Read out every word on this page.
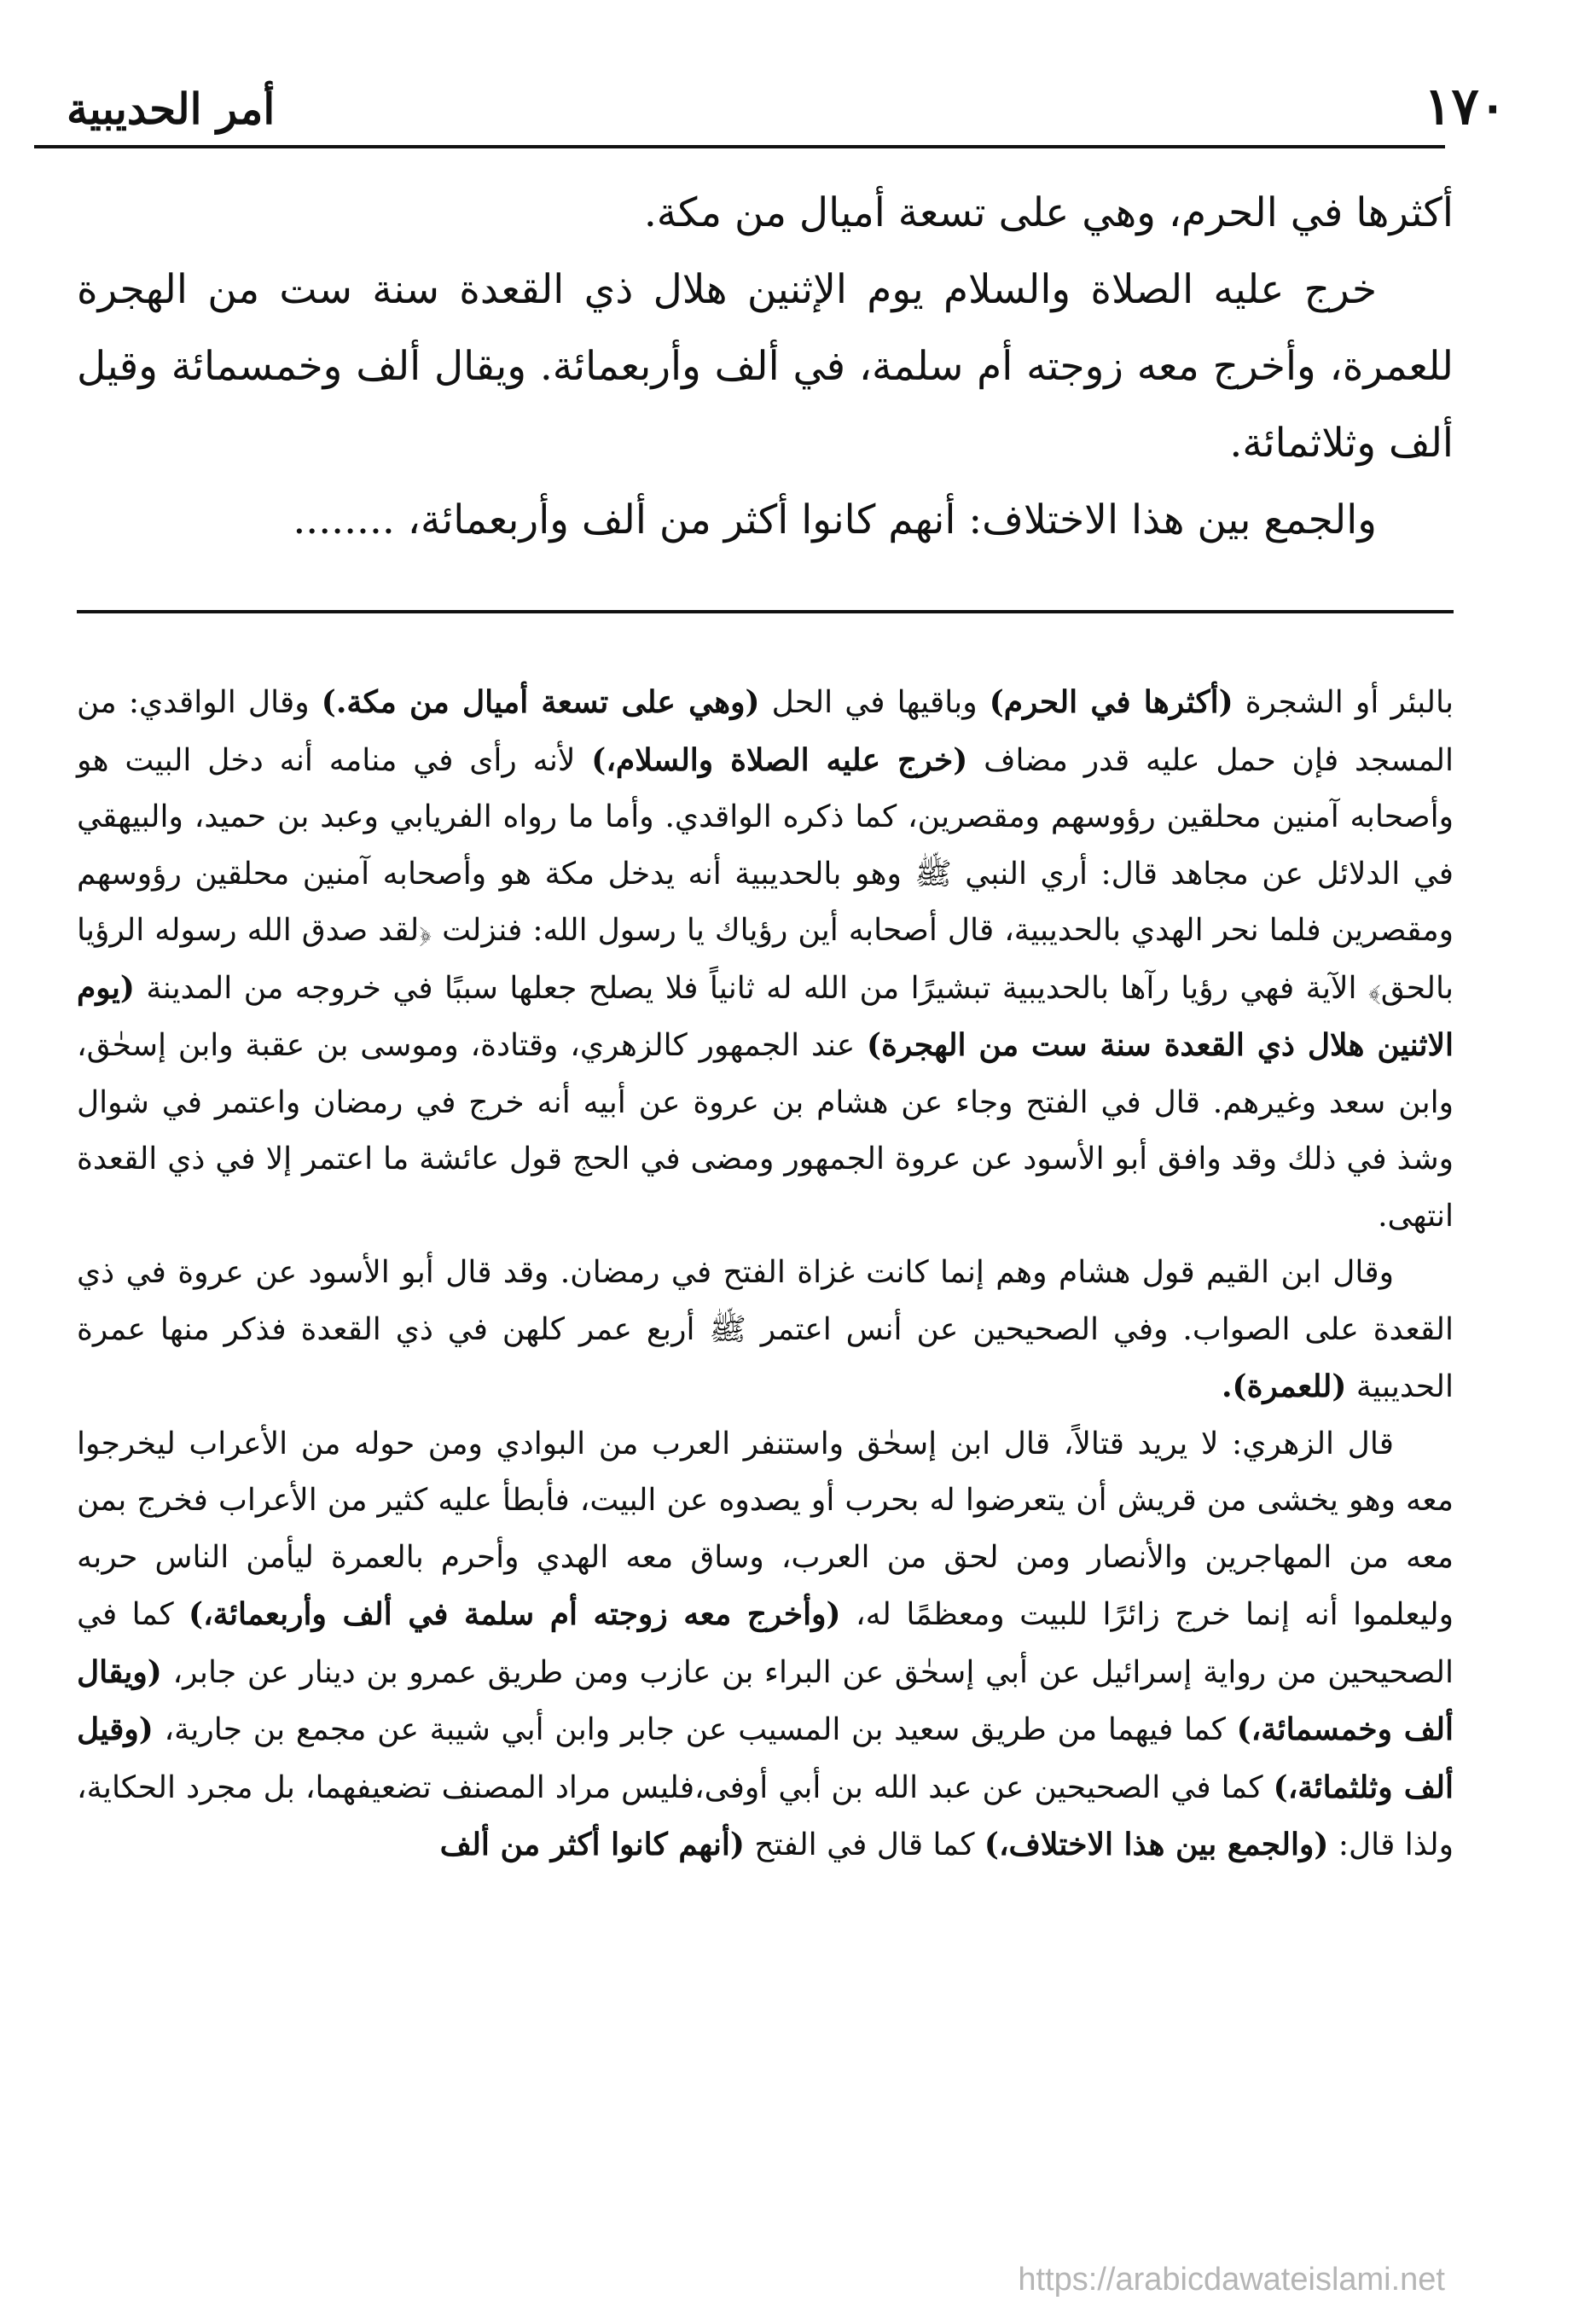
١٧٠
أمر الحديبية

أكثرها في الحرم، وهي على تسعة أميال من مكة.

خرج عليه الصلاة والسلام يوم الإثنين هلال ذي القعدة سنة ست من الهجرة للعمرة، وأخرج معه زوجته أم سلمة، في ألف وأربعمائة. ويقال ألف وخمسمائة وقيل ألف وثلاثمائة.

والجمع بين هذا الاختلاف: أنهم كانوا أكثر من ألف وأربعمائة، ........

بالبئر أو الشجرة (أكثرها في الحرم) وباقيها في الحل (وهي على تسعة أميال من مكة.) وقال الواقدي: من المسجد فإن حمل عليه قدر مضاف (خرج عليه الصلاة والسلام،) لأنه رأى في منامه أنه دخل البيت هو وأصحابه آمنين محلقين رؤوسهم ومقصرين، كما ذكره الواقدي. وأما ما رواه الفريابي وعبد بن حميد، والبيهقي في الدلائل عن مجاهد قال: أري النبي ﷺ وهو بالحديبية أنه يدخل مكة هو وأصحابه آمنين محلقين رؤوسهم ومقصرين فلما نحر الهدي بالحديبية، قال أصحابه أين رؤياك يا رسول الله: فنزلت ﴿لقد صدق الله رسوله الرؤيا بالحق﴾ الآية فهي رؤيا رآها بالحديبية تبشيرًا من الله له ثانياً فلا يصلح جعلها سببًا في خروجه من المدينة (يوم الاثنين هلال ذي القعدة سنة ست من الهجرة) عند الجمهور كالزهري، وقتادة، وموسى بن عقبة وابن إسحٰق، وابن سعد وغيرهم. قال في الفتح وجاء عن هشام بن عروة عن أبيه أنه خرج في رمضان واعتمر في شوال وشذ في ذلك وقد وافق أبو الأسود عن عروة الجمهور ومضى في الحج قول عائشة ما اعتمر إلا في ذي القعدة انتهى.

وقال ابن القيم قول هشام وهم إنما كانت غزاة الفتح في رمضان. وقد قال أبو الأسود عن عروة في ذي القعدة على الصواب. وفي الصحيحين عن أنس اعتمر ﷺ أربع عمر كلهن في ذي القعدة فذكر منها عمرة الحديبية (للعمرة).

قال الزهري: لا يريد قتالاً، قال ابن إسحٰق واستنفر العرب من البوادي ومن حوله من الأعراب ليخرجوا معه وهو يخشى من قريش أن يتعرضوا له بحرب أو يصدوه عن البيت، فأبطأ عليه كثير من الأعراب فخرج بمن معه من المهاجرين والأنصار ومن لحق من العرب، وساق معه الهدي وأحرم بالعمرة ليأمن الناس حربه وليعلموا أنه إنما خرج زائرًا للبيت ومعظمًا له، (وأخرج معه زوجته أم سلمة في ألف وأربعمائة،) كما في الصحيحين من رواية إسرائيل عن أبي إسحٰق عن البراء بن عازب ومن طريق عمرو بن دينار عن جابر، (ويقال ألف وخمسمائة،) كما فيهما من طريق سعيد بن المسيب عن جابر وابن أبي شيبة عن مجمع بن جارية، (وقيل ألف وثلثمائة،) كما في الصحيحين عن عبد الله بن أبي أوفى،فليس مراد المصنف تضعيفهما، بل مجرد الحكاية، ولذا قال: (والجمع بين هذا الاختلاف،) كما قال في الفتح (أنهم كانوا أكثر من ألف

https://arabicdawateislami.net
